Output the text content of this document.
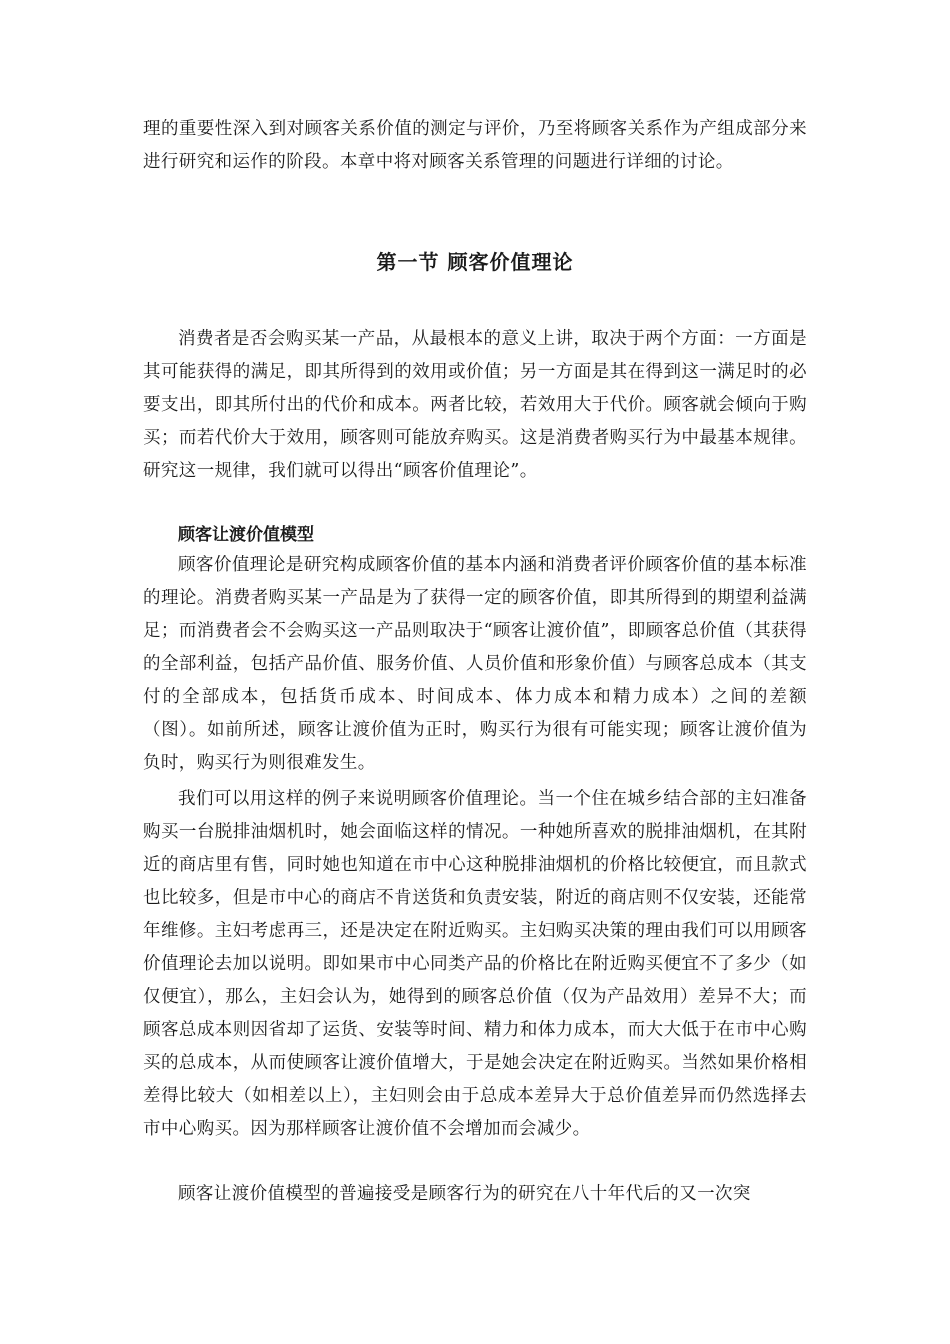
理的重要性深入到对顾客关系价值的测定与评价，乃至将顾客关系作为产组成部分来进行研究和运作的阶段。本章中将对顾客关系管理的问题进行详细的讨论。

第一节 顾客价值理论

消费者是否会购买某一产品，从最根本的意义上讲，取决于两个方面：一方面是其可能获得的满足，即其所得到的效用或价值；另一方面是其在得到这一满足时的必要支出，即其所付出的代价和成本。两者比较，若效用大于代价。顾客就会倾向于购买；而若代价大于效用，顾客则可能放弃购买。这是消费者购买行为中最基本规律。研究这一规律，我们就可以得出“顾客价值理论”。

顾客让渡价值模型

顾客价值理论是研究构成顾客价值的基本内涵和消费者评价顾客价值的基本标准的理论。消费者购买某一产品是为了获得一定的顾客价值，即其所得到的期望利益满足；而消费者会不会购买这一产品则取决于“顾客让渡价值”，即顾客总价值（其获得的全部利益，包括产品价值、服务价值、人员价值和形象价值）与顾客总成本（其支付的全部成本，包括货币成本、时间成本、体力成本和精力成本）之间的差额（图）。如前所述，顾客让渡价值为正时，购买行为很有可能实现；顾客让渡价值为负时，购买行为则很难发生。

我们可以用这样的例子来说明顾客价值理论。当一个住在城乡结合部的主妇准备购买一台脱排油烟机时，她会面临这样的情况。一种她所喜欢的脱排油烟机，在其附近的商店里有售，同时她也知道在市中心这种脱排油烟机的价格比较便宜，而且款式也比较多，但是市中心的商店不肯送货和负责安装，附近的商店则不仅安装，还能常年维修。主妇考虑再三，还是决定在附近购买。主妇购买决策的理由我们可以用顾客价值理论去加以说明。即如果市中心同类产品的价格比在附近购买便宜不了多少（如仅便宜），那么，主妇会认为，她得到的顾客总价值（仅为产品效用）差异不大；而顾客总成本则因省却了运货、安装等时间、精力和体力成本，而大大低于在市中心购买的总成本，从而使顾客让渡价值增大，于是她会决定在附近购买。当然如果价格相差得比较大（如相差以上），主妇则会由于总成本差异大于总价值差异而仍然选择去市中心购买。因为那样顾客让渡价值不会增加而会减少。

顾客让渡价值模型的普遍接受是顾客行为的研究在八十年代后的又一次突
